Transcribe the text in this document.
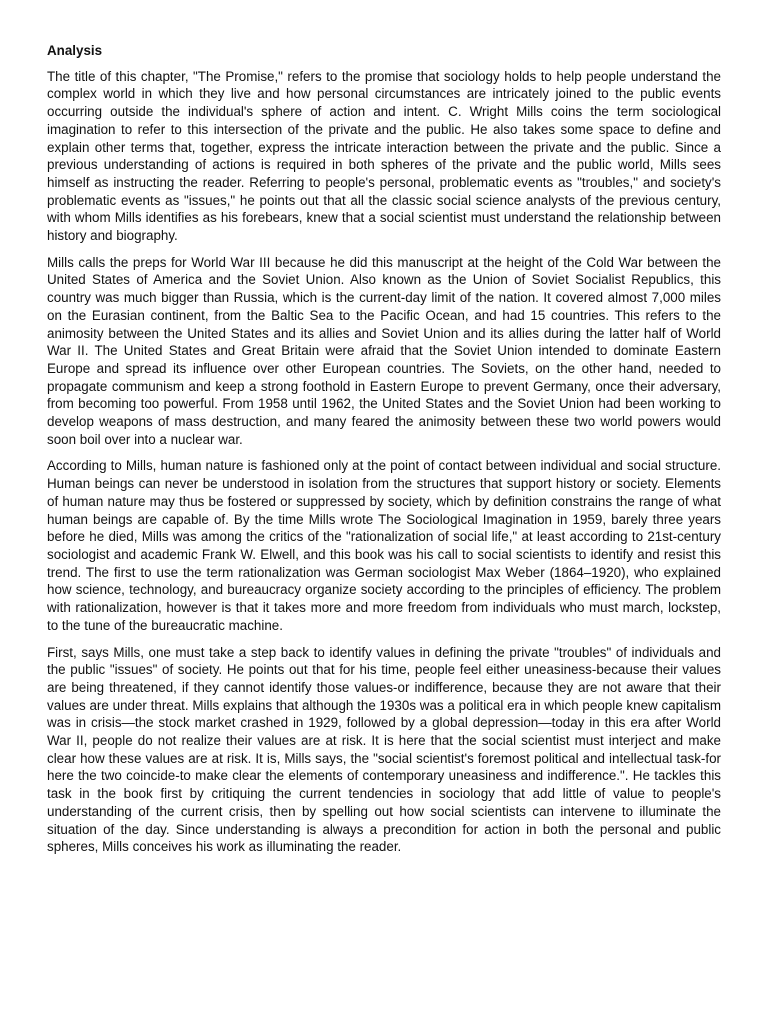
Analysis

The title of this chapter, "The Promise," refers to the promise that sociology holds to help people understand the complex world in which they live and how personal circumstances are intricately joined to the public events occurring outside the individual's sphere of action and intent. C. Wright Mills coins the term sociological imagination to refer to this intersection of the private and the public. He also takes some space to define and explain other terms that, together, express the intricate interaction between the private and the public. Since a previous understanding of actions is required in both spheres of the private and the public world, Mills sees himself as instructing the reader. Referring to people's personal, problematic events as "troubles," and society's problematic events as "issues," he points out that all the classic social science analysts of the previous century, with whom Mills identifies as his forebears, knew that a social scientist must understand the relationship between history and biography.

Mills calls the preps for World War III because he did this manuscript at the height of the Cold War between the United States of America and the Soviet Union. Also known as the Union of Soviet Socialist Republics, this country was much bigger than Russia, which is the current-day limit of the nation. It covered almost 7,000 miles on the Eurasian continent, from the Baltic Sea to the Pacific Ocean, and had 15 countries. This refers to the animosity between the United States and its allies and Soviet Union and its allies during the latter half of World War II. The United States and Great Britain were afraid that the Soviet Union intended to dominate Eastern Europe and spread its influence over other European countries. The Soviets, on the other hand, needed to propagate communism and keep a strong foothold in Eastern Europe to prevent Germany, once their adversary, from becoming too powerful. From 1958 until 1962, the United States and the Soviet Union had been working to develop weapons of mass destruction, and many feared the animosity between these two world powers would soon boil over into a nuclear war.

According to Mills, human nature is fashioned only at the point of contact between individual and social structure. Human beings can never be understood in isolation from the structures that support history or society. Elements of human nature may thus be fostered or suppressed by society, which by definition constrains the range of what human beings are capable of. By the time Mills wrote The Sociological Imagination in 1959, barely three years before he died, Mills was among the critics of the "rationalization of social life," at least according to 21st-century sociologist and academic Frank W. Elwell, and this book was his call to social scientists to identify and resist this trend. The first to use the term rationalization was German sociologist Max Weber (1864–1920), who explained how science, technology, and bureaucracy organize society according to the principles of efficiency. The problem with rationalization, however is that it takes more and more freedom from individuals who must march, lockstep, to the tune of the bureaucratic machine.

First, says Mills, one must take a step back to identify values in defining the private "troubles" of individuals and the public "issues" of society. He points out that for his time, people feel either uneasiness-because their values are being threatened, if they cannot identify those values-or indifference, because they are not aware that their values are under threat. Mills explains that although the 1930s was a political era in which people knew capitalism was in crisis—the stock market crashed in 1929, followed by a global depression—today in this era after World War II, people do not realize their values are at risk. It is here that the social scientist must interject and make clear how these values are at risk. It is, Mills says, the "social scientist's foremost political and intellectual task-for here the two coincide-to make clear the elements of contemporary uneasiness and indifference.". He tackles this task in the book first by critiquing the current tendencies in sociology that add little of value to people's understanding of the current crisis, then by spelling out how social scientists can intervene to illuminate the situation of the day. Since understanding is always a precondition for action in both the personal and public spheres, Mills conceives his work as illuminating the reader.
